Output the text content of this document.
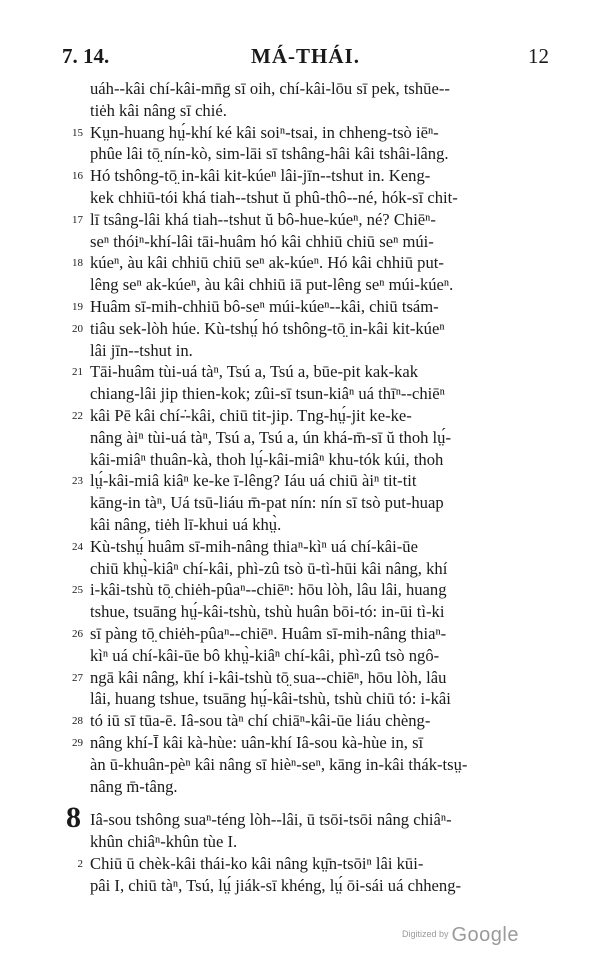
7. 14.	MÁ-THÁI.	12
uáh--kâi chí-kâi-mn̄g sī oih, chí-kâi-lōu sī pek, tshūe--
tiėh kâi nâng sī chié.
15 Kṳn-huang hṳ́-khí ké kâi soiⁿ-tsai, in chheng-tsò iēⁿ-
phûe lâi tō̤ nín-kò, sim-lāi sī tshâng-hâi kâi tshâi-lâng.
16 Hó tshông-tō̤ in-kâi kit-kúeⁿ lâi-jīn--tshut in. Keng-
kek chhiū-tói khá tiah--tshut ŭ phû-thô--né, hók-sī chit-
17 lī tsâng-lâi khá tiah--tshut ŭ bô-hue-kúeⁿ, né? Chiēⁿ-
seⁿ thóiⁿ-khí-lâi tāi-huâm hó kâi chhiū chiū seⁿ múi-
18 kúeⁿ, àu kâi chhiū chiū seⁿ ak-kúeⁿ. Hó kâi chhiū put-
lêng seⁿ ak-kúeⁿ, àu kâi chhiū iā put-lêng seⁿ múi-kúeⁿ.
19 Huâm sī-mih-chhiū bô-seⁿ múi-kúeⁿ--kâi, chiū tsám-
20 tiâu sek-lòh húe. Kù-tshṳ́ hó tshông-tō̤ in-kâi kit-kúeⁿ
lâi jīn--tshut in.
21 Tāi-huâm tùi-uá tàⁿ, Tsú a, Tsú a, būe-pit kak-kak
chiang-lâi jip thien-kok; zûi-sī tsun-kiâⁿ uá thīⁿ--chiēⁿ
22 kâi Pē kâi chí-̇-kâi, chiū tit-jip. Tng-hṳ́-jit ke-ke-
nâng àiⁿ tùi-uá tàⁿ, Tsú a, Tsú a, ún khá-m̄-sī ŭ thoh lṳ́-
kâi-miâⁿ thuân-kà, thoh lṳ́-kâi-miâⁿ khu-tók kúi, thoh
23 lṳ́-kâi-miâ kiâⁿ ke-ke ī-lêng? Iáu uá chiū àiⁿ tit-tit
kāng-in tàⁿ, Uá tsū-liáu m̄-pat nín: nín sī tsò put-huap
kâi nâng, tiėh lī-khui uá khṳ̀.
24 Kù-tshṳ́ huâm sī-mih-nâng thiaⁿ-kìⁿ uá chí-kâi-ūe
chiū khṳ̀-kiâⁿ chí-kâi, phì-zû tsò ū-tì-hūi kâi nâng, khí
25 i-kâi-tshù tō̤ chiėh-pûaⁿ--chiēⁿ: hōu lòh, lâu lâi, huang
tshue, tsuāng hṳ́-kâi-tshù, tshù huân bōi-tó: in-ūi tì-ki
26 sī pàng tō̤ chiėh-pûaⁿ--chiēⁿ. Huâm sī-mih-nâng thiaⁿ-
kìⁿ uá chí-kâi-ūe bô khṳ̀-kiâⁿ chí-kâi, phì-zû tsò ngô-
27 ngā kâi nâng, khí i-kâi-tshù tō̤ sua--chiēⁿ, hōu lòh, lâu
lâi, huang tshue, tsuāng hṳ́-kâi-tshù, tshù chiū tó: i-kâi
28 tó iū sī tūa-ē. Iâ-sou tàⁿ chí chiāⁿ-kâi-ūe liáu chèng-
29 nâng khí-Ī kâi kà-hùe: uân-khí Iâ-sou kà-hùe in, sī
àn ū-khuân-pèⁿ kâi nâng sī hièⁿ-seⁿ, kāng in-kâi thák-tsṳ-
nâng m̄-tâng.
Iâ-sou tshông suaⁿ-téng lòh--lâi, ū tsōi-tsōi nâng chiâⁿ-
8
khûn chiâⁿ-khûn tùe I.
2 Chiū ū chèk-kâi thái-ko kâi nâng kṳ̄n-tsōiⁿ lâi kūi-
pâi I, chiū tàⁿ, Tsú, lṳ́ jiák-sī khéng, lṳ́ ōi-sái uá chheng-
$^{Digitized by}$ Google
